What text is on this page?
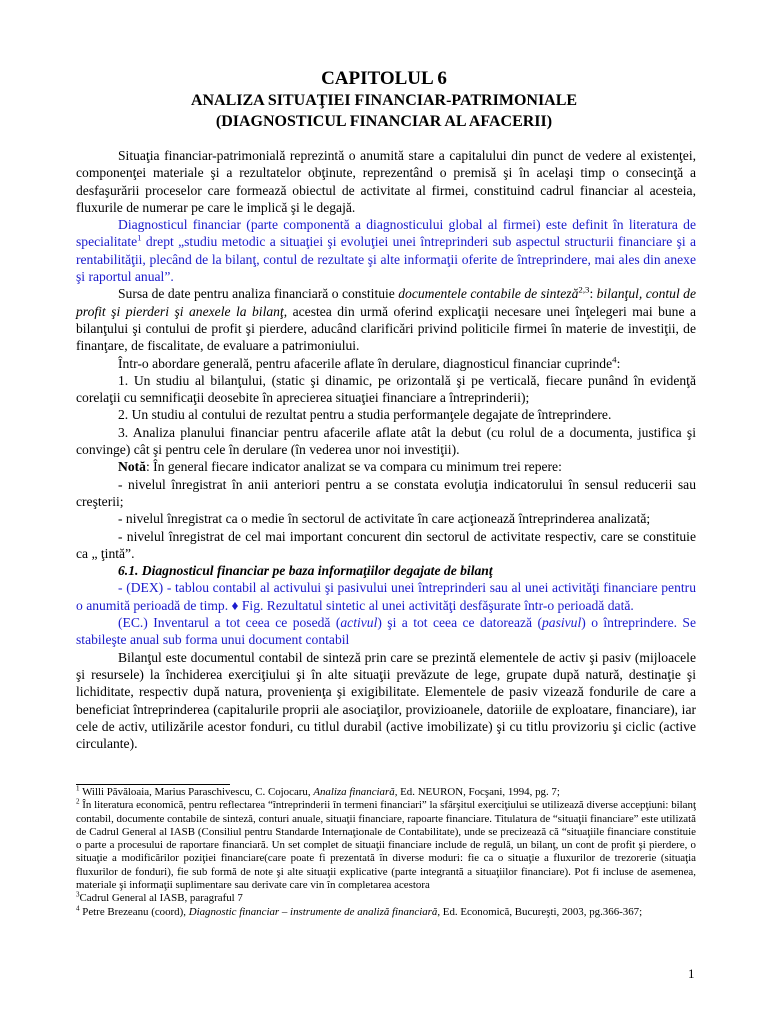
CAPITOLUL 6
ANALIZA SITUAŢIEI FINANCIAR-PATRIMONIALE
(DIAGNOSTICUL FINANCIAR AL AFACERII)

Situaţia financiar-patrimonială reprezintă o anumită stare a capitalului din punct de vedere al existenţei, componenţei materiale şi a rezultatelor obţinute, reprezentând o premisă şi în acelaşi timp o consecinţă a desfaşurării proceselor care formează obiectul de activitate al firmei, constituind cadrul financiar al acesteia, fluxurile de numerar pe care le implică şi le degajă.

Diagnosticul financiar (parte componentă a diagnosticului global al firmei) este definit în literatura de specialitate$^1$ drept „studiu metodic a situaţiei şi evoluţiei unei întreprinderi sub aspectul structurii financiare şi a rentabilităţii, plecând de la bilanţ, contul de rezultate şi alte informaţii oferite de întreprindere, mai ales din anexe şi raportul anual”.

Sursa de date pentru analiza financiară o constituie documentele contabile de sinteză$^{2,3}$: bilanţul, contul de profit şi pierderi şi anexele la bilanţ, acestea din urmă oferind explicaţii necesare unei înţelegeri mai bune a bilanţului şi contului de profit şi pierdere, aducând clarificări privind politicile firmei în materie de investiţii, de finanţare, de fiscalitate, de evaluare a patrimoniului.

Într-o abordare generală, pentru afacerile aflate în derulare, diagnosticul financiar cuprinde$^4$:

1. Un studiu al bilanţului, (static şi dinamic, pe orizontală şi pe verticală, fiecare punând în evidenţă corelaţii cu semnificaţii deosebite în aprecierea situaţiei financiare a întreprinderii);

2. Un studiu al contului de rezultat pentru a studia performanţele degajate de întreprindere.

3. Analiza planului financiar pentru afacerile aflate atât la debut (cu rolul de a documenta, justifica şi convinge) cât şi pentru cele în derulare (în vederea unor noi investiţii).

Notă: În general fiecare indicator analizat se va compara cu minimum trei repere:

- nivelul înregistrat în anii anteriori pentru a se constata evoluţia indicatorului în sensul reducerii sau creşterii;

- nivelul înregistrat ca o medie în sectorul de activitate în care acţionează întreprinderea analizată;

- nivelul înregistrat de cel mai important concurent din sectorul de activitate respectiv, care se constituie ca „ ţintă”.

6.1. Diagnosticul financiar pe baza informaţiilor degajate de bilanţ

- (DEX) - tablou contabil al activului şi pasivului unei întreprinderi sau al unei activităţi financiare pentru o anumită perioadă de timp. ♦ Fig. Rezultatul sintetic al unei activităţi desfăşurate într-o perioadă dată.

(EC.) Inventarul a tot ceea ce posedă (activul) şi a tot ceea ce datorează (pasivul) o întreprindere. Se stabileşte anual sub forma unui document contabil

Bilanţul este documentul contabil de sinteză prin care se prezintă elementele de activ şi pasiv (mijloacele şi resursele) la închiderea exerciţiului şi în alte situaţii prevăzute de lege, grupate după natură, destinaţie şi lichiditate, respectiv după natura, provenienţa şi exigibilitate. Elementele de pasiv vizează fondurile de care a beneficiat întreprinderea (capitalurile proprii ale asociaţilor, provizioanele, datoriile de exploatare, financiare), iar cele de activ, utilizările acestor fonduri, cu titlul durabil (active imobilizate) şi cu titlu provizoriu şi ciclic (active circulante).

$^1$ Willi Păvăloaia, Marius Paraschivescu, C. Cojocaru, Analiza financiară, Ed. NEURON, Focşani, 1994, pg. 7;
$^2$ În literatura economică, pentru reflectarea “întreprinderii în termeni financiari” la sfârşitul exerciţiului se utilizează diverse accepţiuni: bilanţ contabil, documente contabile de sinteză, conturi anuale, situaţii financiare, rapoarte financiare. Titulatura de “situaţii financiare” este utilizată de Cadrul General al IASB (Consiliul pentru Standarde Internaţionale de Contabilitate), unde se precizează că “situaţiile financiare constituie o parte a procesului de raportare financiară. Un set complet de situaţii financiare include de regulă, un bilanţ, un cont de profit şi pierdere, o situaţie a modificărilor poziţiei financiare(care poate fi prezentată în diverse moduri: fie ca o situaţie a fluxurilor de trezorerie (situaţia fluxurilor de fonduri), fie sub formă de note şi alte situaţii explicative (parte integrantă a situaţiilor financiare). Pot fi incluse de asemenea, materiale şi informaţii suplimentare sau derivate care vin în completarea acestora
$^3$Cadrul General al IASB, paragraful 7
$^4$ Petre Brezeanu (coord), Diagnostic financiar – instrumente de analiză financiară, Ed. Economică, Bucureşti, 2003, pg.366-367;
1
